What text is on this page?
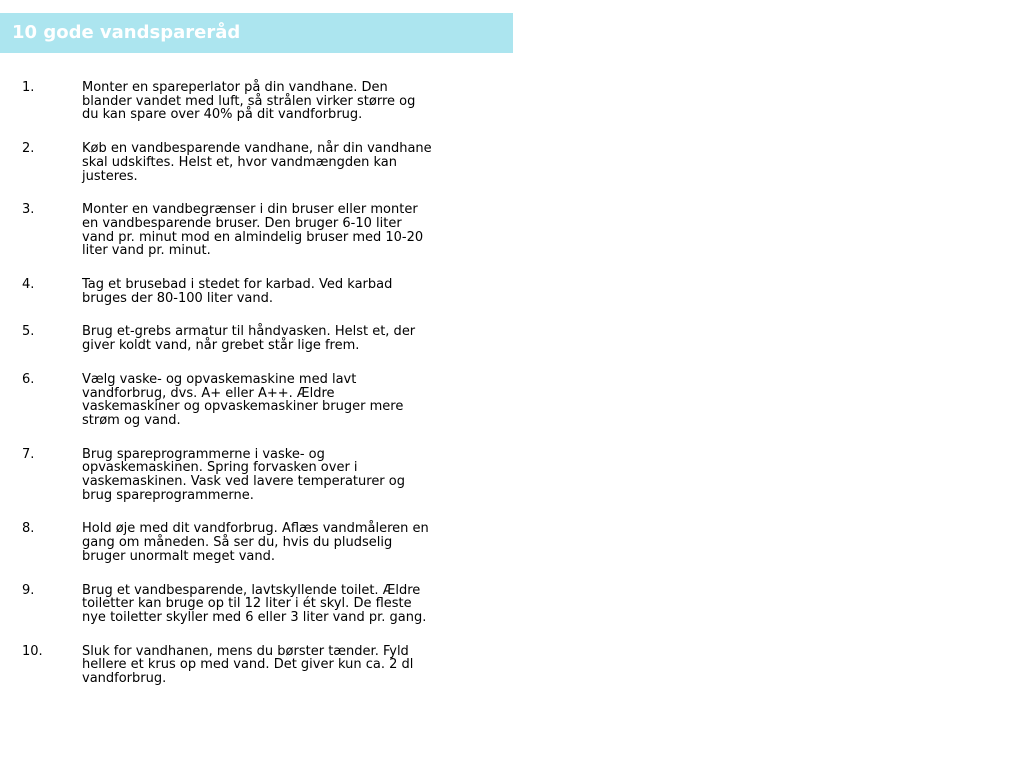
10 gode vandspareråd
1.	Monter en spareperlator på din vandhane. Den
blander vandet med luft, så strålen virker større og
du kan spare over 40% på dit vandforbrug.
2.	Køb en vandbesparende vandhane, når din vandhane
skal udskiftes. Helst et, hvor vandmængden kan
justeres.
3.	Monter en vandbegrænser i din bruser eller monter
en vandbesparende bruser. Den bruger 6-10 liter
vand pr. minut mod en almindelig bruser med 10-20
liter vand pr. minut.
4.	Tag et brusebad i stedet for karbad. Ved karbad
bruges der 80-100 liter vand.
5.	Brug et-grebs armatur til håndvasken. Helst et, der
giver koldt vand, når grebet står lige frem.
6.	Vælg vaske- og opvaskemaskine med lavt
vandforbrug, dvs. A+ eller A++. Ældre
vaskemaskiner og opvaskemaskiner bruger mere
strøm og vand.
7.	Brug spareprogrammerne i vaske- og
opvaskemaskinen. Spring forvasken over i
vaskemaskinen. Vask ved lavere temperaturer og
brug spareprogrammerne.
8.	Hold øje med dit vandforbrug. Aflæs vandmåleren en
gang om måneden. Så ser du, hvis du pludselig
bruger unormalt meget vand.
9.	Brug et vandbesparende, lavtskyllende toilet. Ældre
toiletter kan bruge op til 12 liter i ét skyl. De fleste
nye toiletter skyller med 6 eller 3 liter vand pr. gang.
10.	Sluk for vandhanen, mens du børster tænder. Fyld
hellere et krus op med vand. Det giver kun ca. 2 dl
vandforbrug.
